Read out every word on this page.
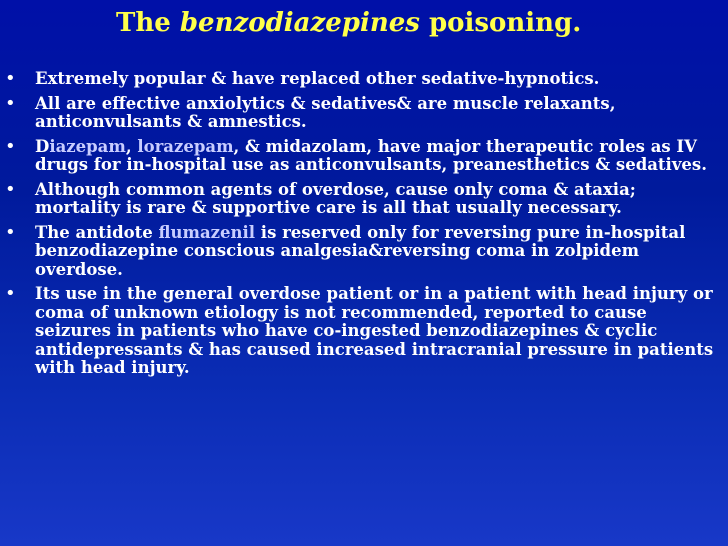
The benzodiazepines poisoning.
• Extremely popular & have replaced other sedative-hypnotics.
• All are effective anxiolytics & sedatives& are muscle relaxants, anticonvulsants & amnestics.
• Diazepam, lorazepam, & midazolam, have major therapeutic roles as IV drugs for in-hospital use as anticonvulsants, preanesthetics & sedatives.
• Although common agents of overdose, cause only coma & ataxia; mortality is rare & supportive care is all that usually necessary.
• The antidote flumazenil is reserved only for reversing pure in-hospital benzodiazepine conscious analgesia&reversing coma in zolpidem overdose.
• Its use in the general overdose patient or in a patient with head injury or coma of unknown etiology is not recommended, reported to cause seizures in patients who have co-ingested benzodiazepines & cyclic antidepressants & has caused increased intracranial pressure in patients with head injury.
